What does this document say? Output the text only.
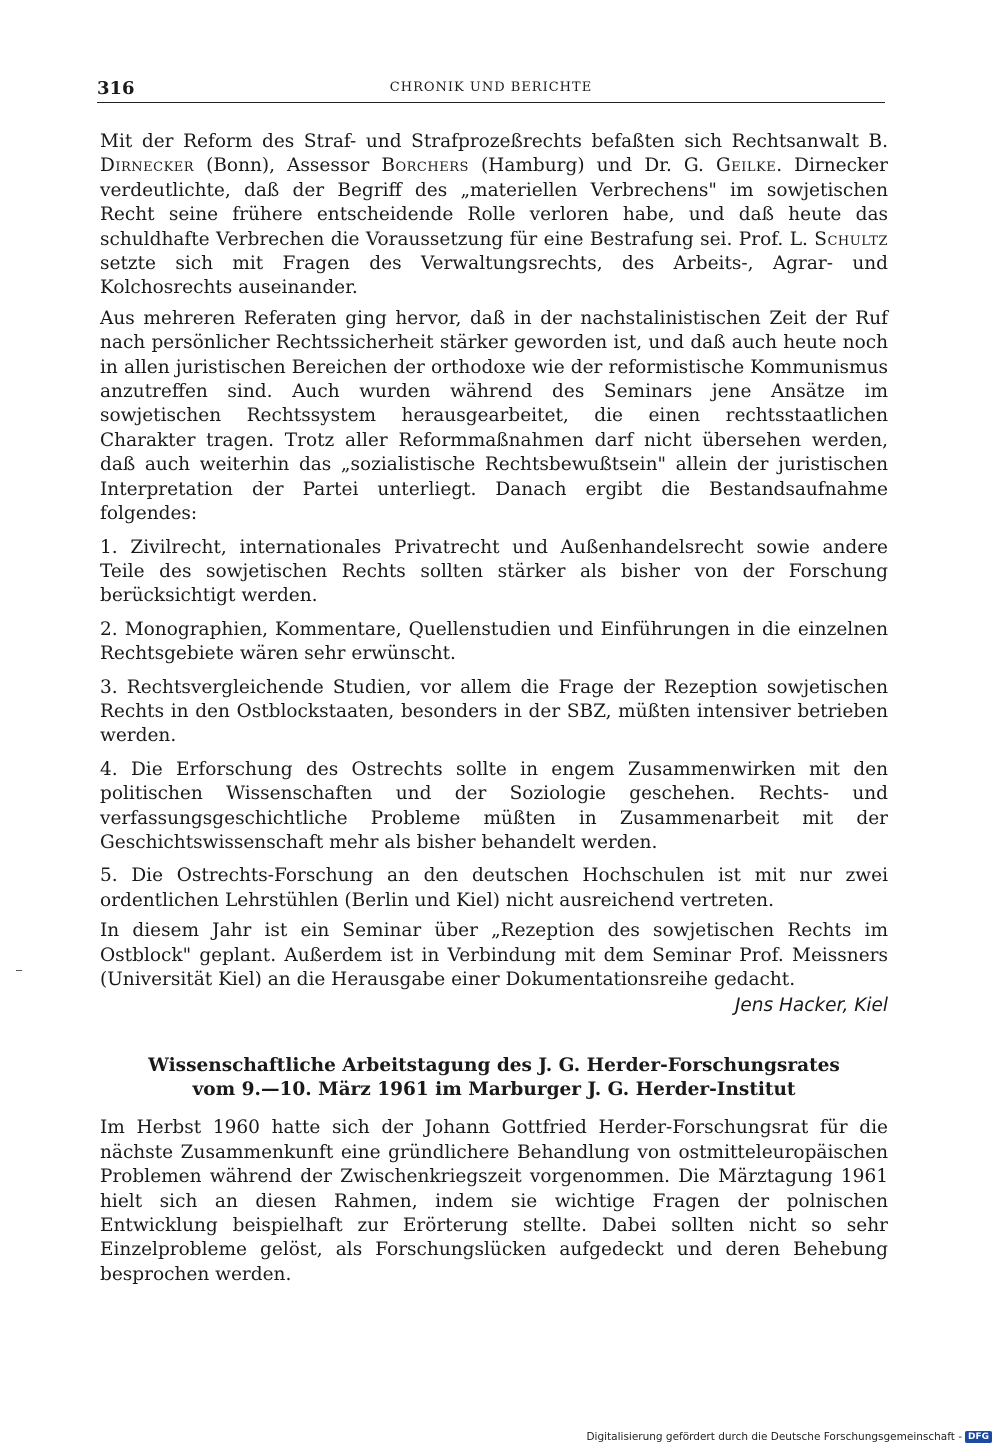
316	CHRONIK UND BERICHTE

Mit der Reform des Straf- und Strafprozeßrechts befaßten sich Rechtsanwalt B. Dirnecker (Bonn), Assessor Borchers (Hamburg) und Dr. G. Geilke. Dirnecker verdeutlichte, daß der Begriff des „materiellen Verbrechens" im sowjetischen Recht seine frühere entscheidende Rolle verloren habe, und daß heute das schuldhafte Verbrechen die Voraussetzung für eine Bestrafung sei. Prof. L. Schultz setzte sich mit Fragen des Verwaltungsrechts, des Arbeits-, Agrar- und Kolchosrechts auseinander.

Aus mehreren Referaten ging hervor, daß in der nachstalinistischen Zeit der Ruf nach persönlicher Rechtssicherheit stärker geworden ist, und daß auch heute noch in allen juristischen Bereichen der orthodoxe wie der reformistische Kommunismus anzutreffen sind. Auch wurden während des Seminars jene Ansätze im sowjetischen Rechtssystem herausgearbeitet, die einen rechtsstaatlichen Charakter tragen. Trotz aller Reformmaßnahmen darf nicht übersehen werden, daß auch weiterhin das „sozialistische Rechtsbewußtsein" allein der juristischen Interpretation der Partei unterliegt. Danach ergibt die Bestandsaufnahme folgendes:

1. Zivilrecht, internationales Privatrecht und Außenhandelsrecht sowie andere Teile des sowjetischen Rechts sollten stärker als bisher von der Forschung berücksichtigt werden.

2. Monographien, Kommentare, Quellenstudien und Einführungen in die einzelnen Rechtsgebiete wären sehr erwünscht.

3. Rechtsvergleichende Studien, vor allem die Frage der Rezeption sowjetischen Rechts in den Ostblockstaaten, besonders in der SBZ, müßten intensiver betrieben werden.

4. Die Erforschung des Ostrechts sollte in engem Zusammenwirken mit den politischen Wissenschaften und der Soziologie geschehen. Rechts- und verfassungsgeschichtliche Probleme müßten in Zusammenarbeit mit der Geschichtswissenschaft mehr als bisher behandelt werden.

5. Die Ostrechts-Forschung an den deutschen Hochschulen ist mit nur zwei ordentlichen Lehrstühlen (Berlin und Kiel) nicht ausreichend vertreten.

In diesem Jahr ist ein Seminar über „Rezeption des sowjetischen Rechts im Ostblock" geplant. Außerdem ist in Verbindung mit dem Seminar Prof. Meissners (Universität Kiel) an die Herausgabe einer Dokumentationsreihe gedacht.

Jens Hacker, Kiel
Wissenschaftliche Arbeitstagung des J. G. Herder-Forschungsrates
vom 9.—10. März 1961 im Marburger J. G. Herder-Institut

Im Herbst 1960 hatte sich der Johann Gottfried Herder-Forschungsrat für die nächste Zusammenkunft eine gründlichere Behandlung von ostmitteleuropäischen Problemen während der Zwischenkriegszeit vorgenommen. Die Märztagung 1961 hielt sich an diesen Rahmen, indem sie wichtige Fragen der polnischen Entwicklung beispielhaft zur Erörterung stellte. Dabei sollten nicht so sehr Einzelprobleme gelöst, als Forschungslücken aufgedeckt und deren Behebung besprochen werden.

Digitalisierung gefördert durch die Deutsche Forschungsgemeinschaft - DFG
